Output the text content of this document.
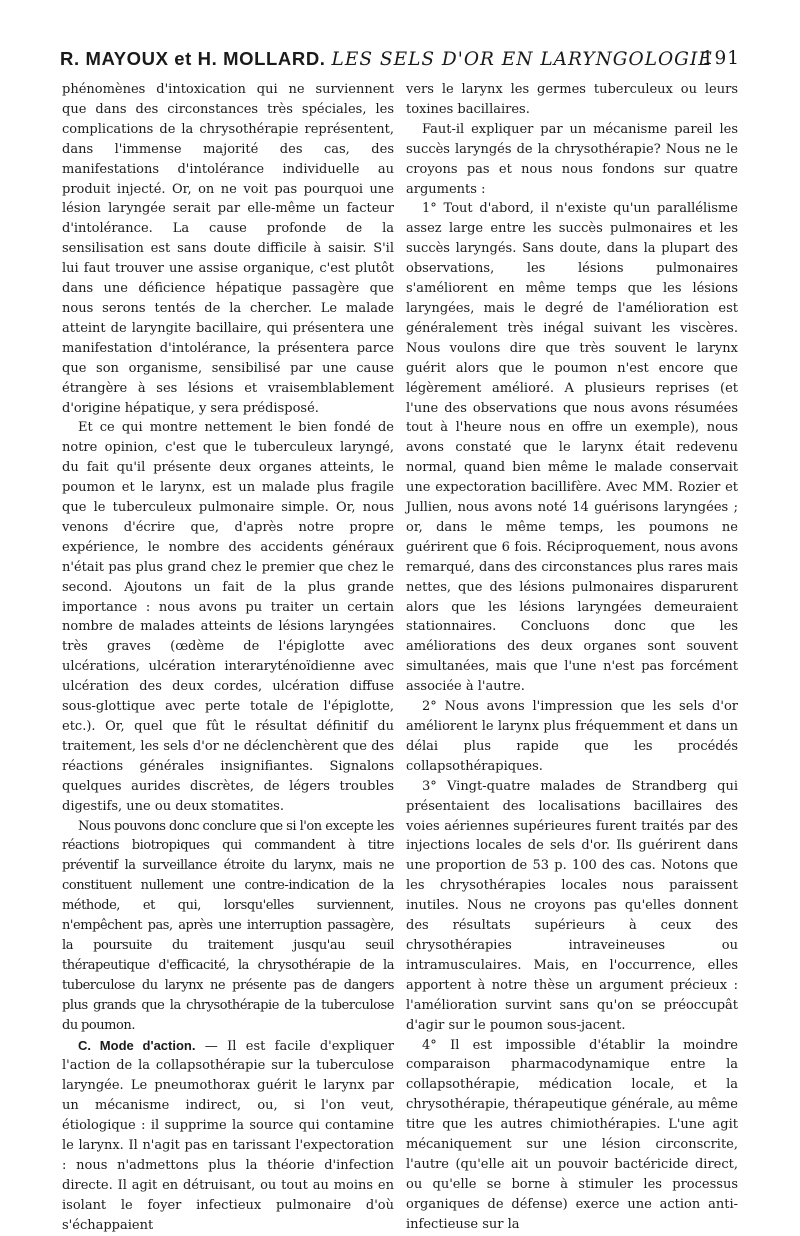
R. MAYOUX et H. MOLLARD. LES SELS D'OR EN LARYNGOLOGIE
191

phénomènes d'intoxication qui ne surviennent que dans des circonstances très spéciales, les complications de la chrysothérapie représentent, dans l'immense majorité des cas, des manifestations d'intolérance individuelle au produit injecté. Or, on ne voit pas pourquoi une lésion laryngée serait par elle-même un facteur d'intolérance. La cause profonde de la sensilisation est sans doute difficile à saisir. S'il lui faut trouver une assise organique, c'est plutôt dans une déficience hépatique passagère que nous serons tentés de la chercher. Le malade atteint de laryngite bacillaire, qui présentera une manifestation d'intolérance, la présentera parce que son organisme, sensibilisé par une cause étrangère à ses lésions et vraisemblablement d'origine hépatique, y sera prédisposé.

Et ce qui montre nettement le bien fondé de notre opinion, c'est que le tuberculeux laryngé, du fait qu'il présente deux organes atteints, le poumon et le larynx, est un malade plus fragile que le tuberculeux pulmonaire simple. Or, nous venons d'écrire que, d'après notre propre expérience, le nombre des accidents généraux n'était pas plus grand chez le premier que chez le second. Ajoutons un fait de la plus grande importance : nous avons pu traiter un certain nombre de malades atteints de lésions laryngées très graves (œdème de l'épiglotte avec ulcérations, ulcération interaryténoïdienne avec ulcération des deux cordes, ulcération diffuse sous-glottique avec perte totale de l'épiglotte, etc.). Or, quel que fût le résultat définitif du traitement, les sels d'or ne déclenchèrent que des réactions générales insignifiantes. Signalons quelques aurides discrètes, de légers troubles digestifs, une ou deux stomatites.

Nous pouvons donc conclure que si l'on excepte les réactions biotropiques qui commandent à titre préventif la surveillance étroite du larynx, mais ne constituent nullement une contre-indication de la méthode, et qui, lorsqu'elles surviennent, n'empêchent pas, après une interruption passagère, la poursuite du traitement jusqu'au seuil thérapeutique d'efficacité, la chrysothérapie de la tuberculose du larynx ne présente pas de dangers plus grands que la chrysothérapie de la tuberculose du poumon.

C. Mode d'action. — Il est facile d'expliquer l'action de la collapsothérapie sur la tuberculose laryngée. Le pneumothorax guérit le larynx par un mécanisme indirect, ou, si l'on veut, étiologique : il supprime la source qui contamine le larynx. Il n'agit pas en tarissant l'expectoration : nous n'admettons plus la théorie d'infection directe. Il agit en détruisant, ou tout au moins en isolant le foyer infectieux pulmonaire d'où s'échappaient

vers le larynx les germes tuberculeux ou leurs toxines bacillaires.

Faut-il expliquer par un mécanisme pareil les succès laryngés de la chrysothérapie? Nous ne le croyons pas et nous nous fondons sur quatre arguments :

1° Tout d'abord, il n'existe qu'un parallélisme assez large entre les succès pulmonaires et les succès laryngés. Sans doute, dans la plupart des observations, les lésions pulmonaires s'améliorent en même temps que les lésions laryngées, mais le degré de l'amélioration est généralement très inégal suivant les viscères. Nous voulons dire que très souvent le larynx guérit alors que le poumon n'est encore que légèrement amélioré. A plusieurs reprises (et l'une des observations que nous avons résumées tout à l'heure nous en offre un exemple), nous avons constaté que le larynx était redevenu normal, quand bien même le malade conservait une expectoration bacillifère. Avec MM. Rozier et Jullien, nous avons noté 14 guérisons laryngées ; or, dans le même temps, les poumons ne guérirent que 6 fois. Réciproquement, nous avons remarqué, dans des circonstances plus rares mais nettes, que des lésions pulmonaires disparurent alors que les lésions laryngées demeuraient stationnaires. Concluons donc que les améliorations des deux organes sont souvent simultanées, mais que l'une n'est pas forcément associée à l'autre.

2° Nous avons l'impression que les sels d'or améliorent le larynx plus fréquemment et dans un délai plus rapide que les procédés collapsothérapiques.

3° Vingt-quatre malades de Strandberg qui présentaient des localisations bacillaires des voies aériennes supérieures furent traités par des injections locales de sels d'or. Ils guérirent dans une proportion de 53 p. 100 des cas. Notons que les chrysothérapies locales nous paraissent inutiles. Nous ne croyons pas qu'elles donnent des résultats supérieurs à ceux des chrysothérapies intraveineuses ou intramusculaires. Mais, en l'occurrence, elles apportent à notre thèse un argument précieux : l'amélioration survint sans qu'on se préoccupât d'agir sur le poumon sous-jacent.

4° Il est impossible d'établir la moindre comparaison pharmacodynamique entre la collapsothérapie, médication locale, et la chrysothérapie, thérapeutique générale, au même titre que les autres chimiothérapies. L'une agit mécaniquement sur une lésion circonscrite, l'autre (qu'elle ait un pouvoir bactéricide direct, ou qu'elle se borne à stimuler les processus organiques de défense) exerce une action anti-infectieuse sur la
